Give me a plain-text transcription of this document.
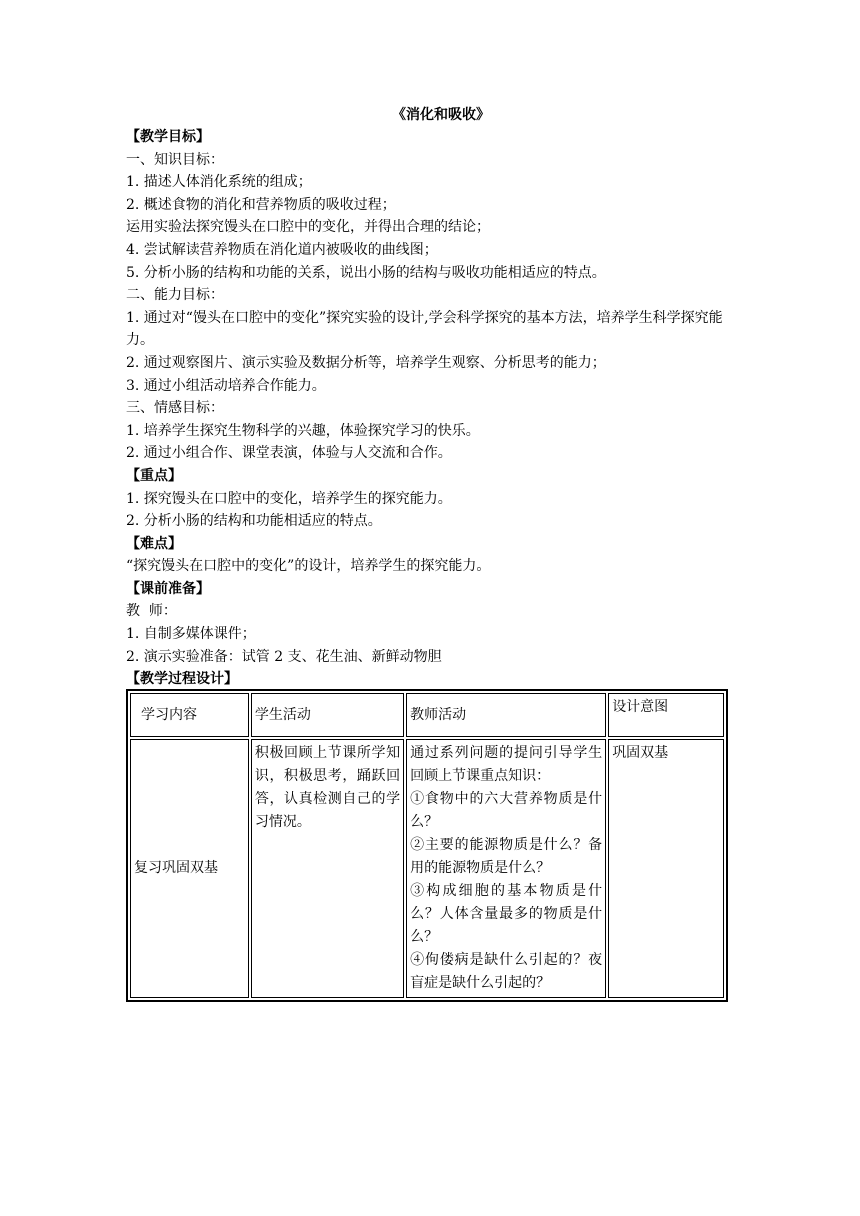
《消化和吸收》
【教学目标】
一、知识目标：
1. 描述人体消化系统的组成；
2. 概述食物的消化和营养物质的吸收过程；
运用实验法探究馒头在口腔中的变化，并得出合理的结论；
4. 尝试解读营养物质在消化道内被吸收的曲线图；
5. 分析小肠的结构和功能的关系，说出小肠的结构与吸收功能相适应的特点。
二、能力目标：
1. 通过对“馒头在口腔中的变化”探究实验的设计,学会科学探究的基本方法，培养学生科学探究能力。
2. 通过观察图片、演示实验及数据分析等，培养学生观察、分析思考的能力；
3. 通过小组活动培养合作能力。
三、情感目标：
1. 培养学生探究生物科学的兴趣，体验探究学习的快乐。
2. 通过小组合作、课堂表演，体验与人交流和合作。
【重点】
1. 探究馒头在口腔中的变化，培养学生的探究能力。
2. 分析小肠的结构和功能相适应的特点。
【难点】
“探究馒头在口腔中的变化”的设计，培养学生的探究能力。
【课前准备】
教  师：
1. 自制多媒体课件；
2. 演示实验准备：试管 2 支、花生油、新鲜动物胆
【教学过程设计】
学习内容	学生活动	教师活动	设计意图
复习巩固双基	积极回顾上节课所学知识，积极思考，踊跃回答，认真检测自己的学习情况。	通过系列问题的提问引导学生回顾上节课重点知识：
①食物中的六大营养物质是什么？
②主要的能源物质是什么？备用的能源物质是什么？
③构成细胞的基本物质是什么？人体含量最多的物质是什么？
④佝偻病是缺什么引起的？夜盲症是缺什么引起的？	巩固双基
